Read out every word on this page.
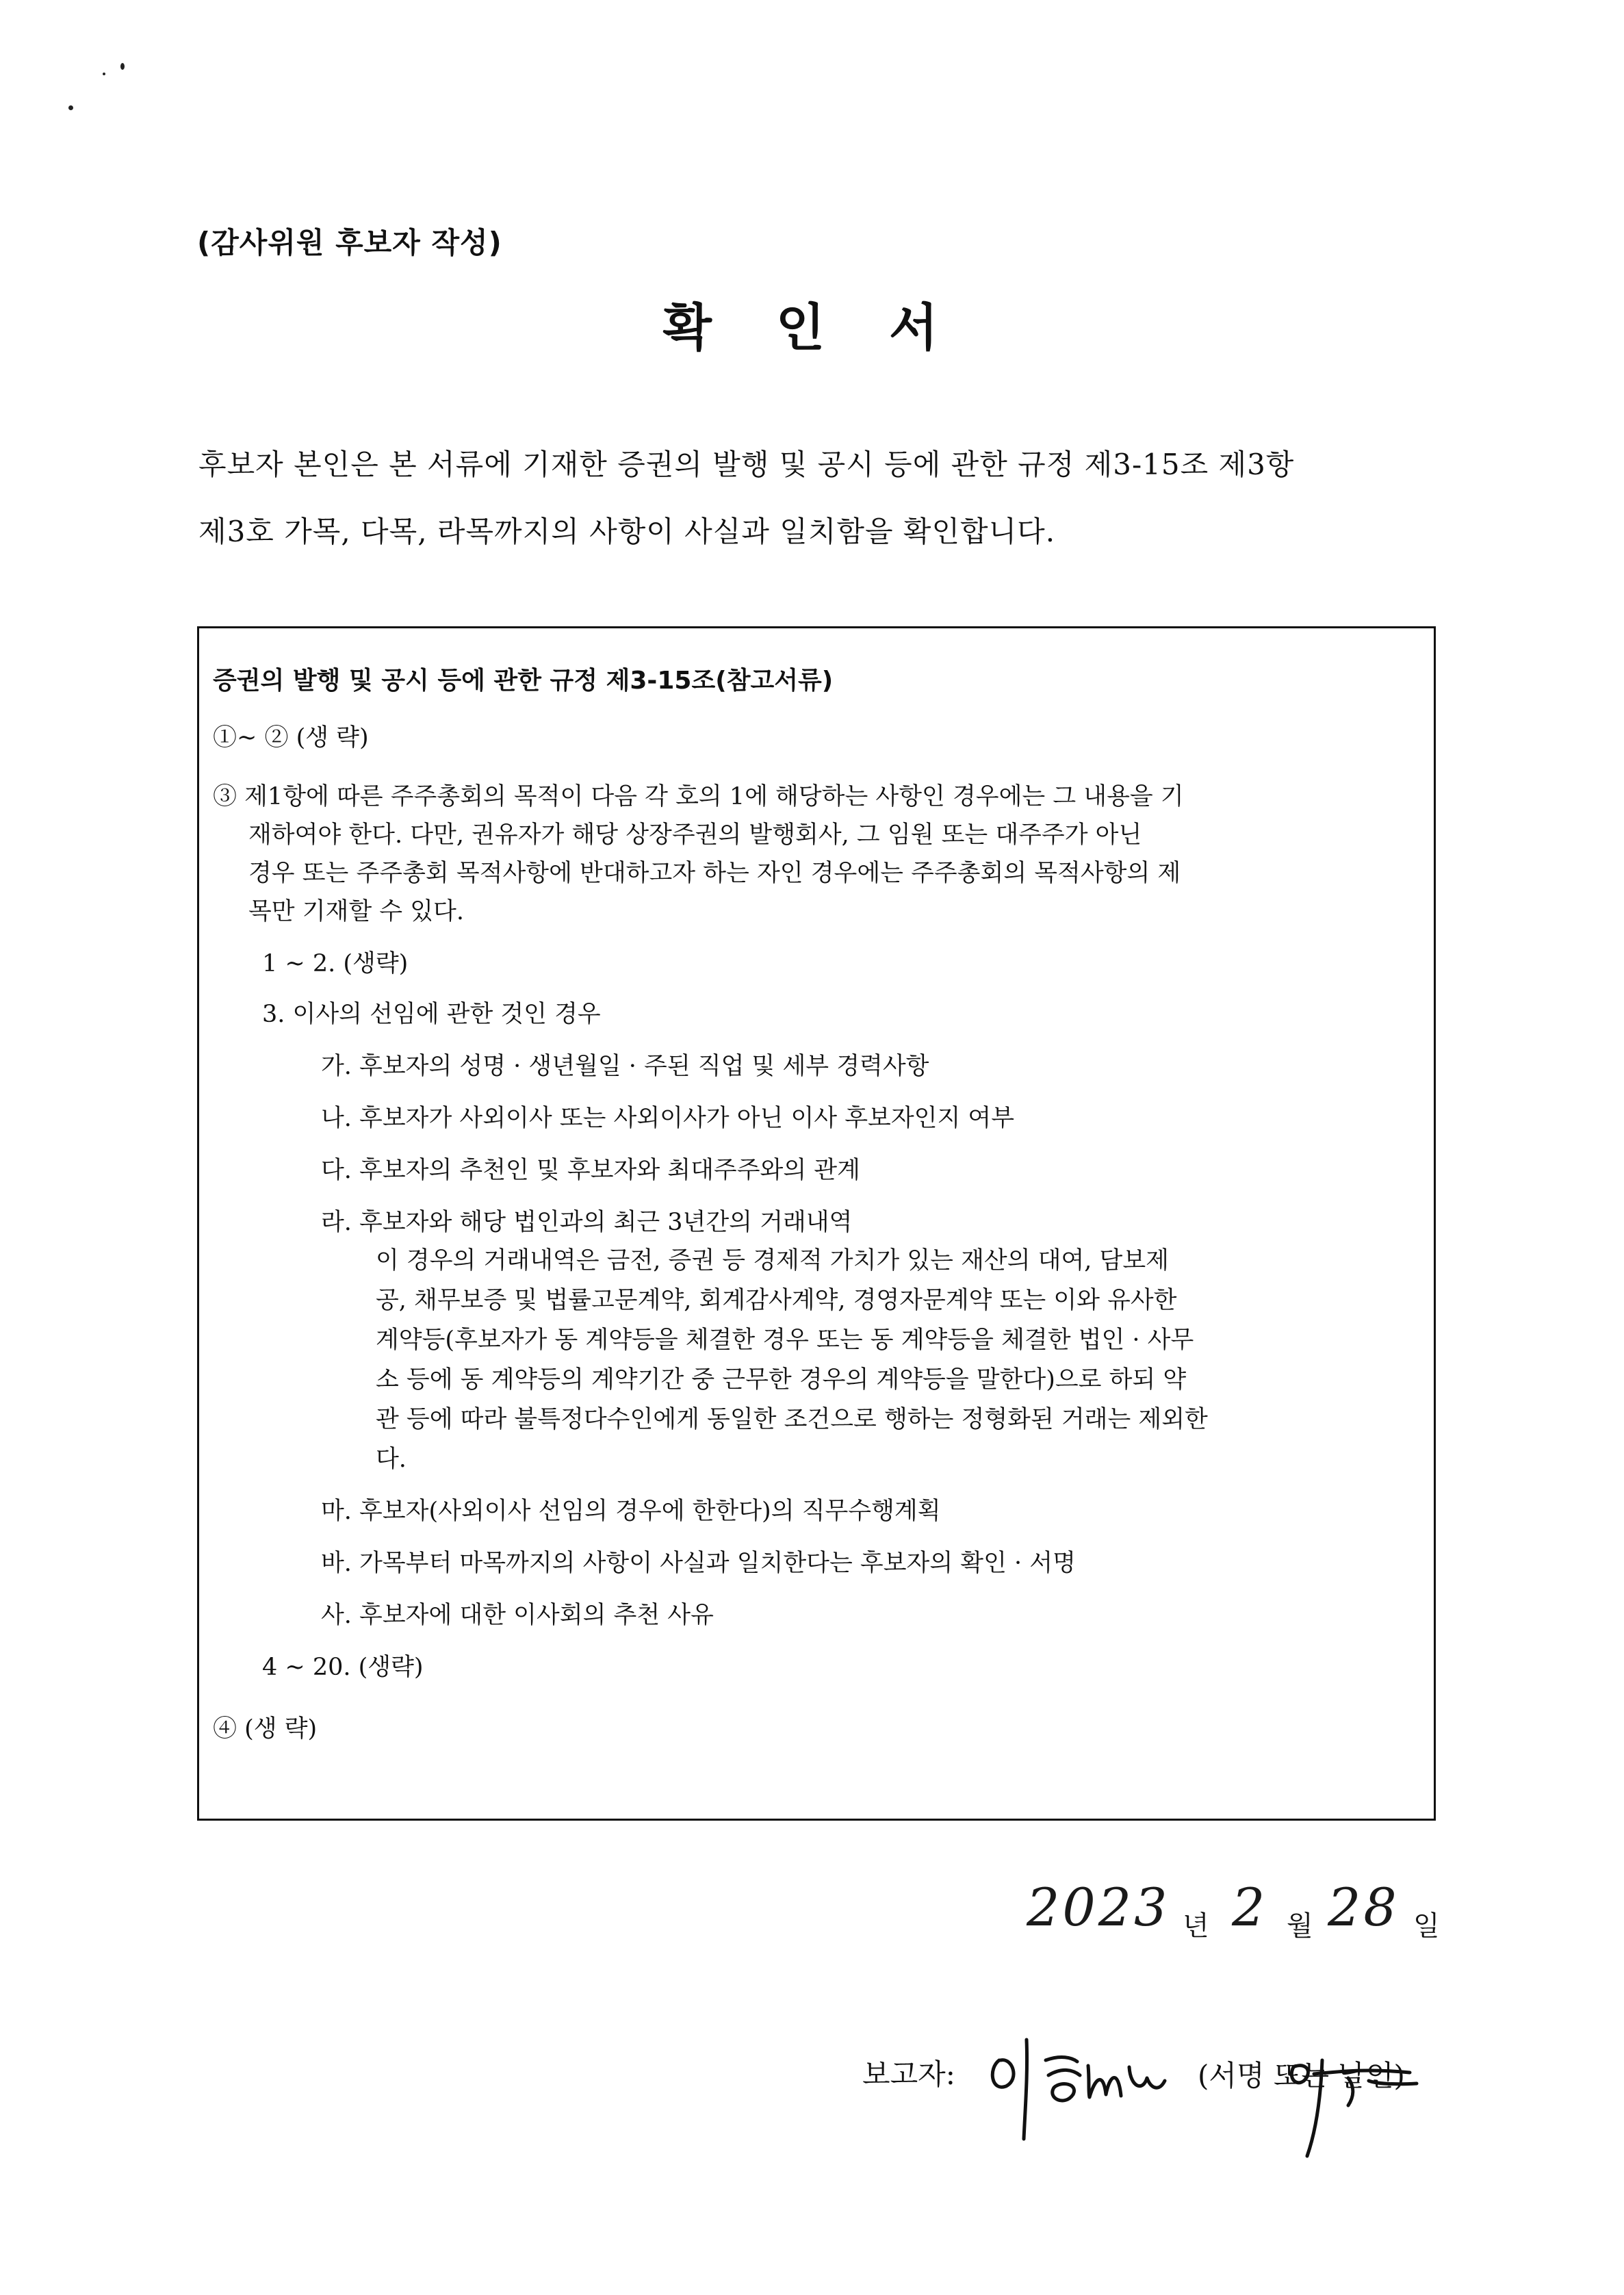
(감사위원 후보자 작성)
확 인 서
후보자 본인은 본 서류에 기재한 증권의 발행 및 공시 등에 관한 규정 제3-15조 제3항
제3호 가목, 다목, 라목까지의 사항이 사실과 일치함을 확인합니다.
증권의 발행 및 공시 등에 관한 규정 제3-15조(참고서류)
①~ ② (생 략)
③ 제1항에 따른 주주총회의 목적이 다음 각 호의 1에 해당하는 사항인 경우에는 그 내용을 기
재하여야 한다. 다만, 권유자가 해당 상장주권의 발행회사, 그 임원 또는 대주주가 아닌
경우 또는 주주총회 목적사항에 반대하고자 하는 자인 경우에는 주주총회의 목적사항의 제
목만 기재할 수 있다.
1 ~ 2. (생략)
3. 이사의 선임에 관한 것인 경우
가. 후보자의 성명 · 생년월일 · 주된 직업 및 세부 경력사항
나. 후보자가 사외이사 또는 사외이사가 아닌 이사 후보자인지 여부
다. 후보자의 추천인 및 후보자와 최대주주와의 관계
라. 후보자와 해당 법인과의 최근 3년간의 거래내역
이 경우의 거래내역은 금전, 증권 등 경제적 가치가 있는 재산의 대여, 담보제
공, 채무보증 및 법률고문계약, 회계감사계약, 경영자문계약 또는 이와 유사한
계약등(후보자가 동 계약등을 체결한 경우 또는 동 계약등을 체결한 법인 · 사무
소 등에 동 계약등의 계약기간 중 근무한 경우의 계약등을 말한다)으로 하되 약
관 등에 따라 불특정다수인에게 동일한 조건으로 행하는 정형화된 거래는 제외한
다.
마. 후보자(사외이사 선임의 경우에 한한다)의 직무수행계획
바. 가목부터 마목까지의 사항이 사실과 일치한다는 후보자의 확인 · 서명
사. 후보자에 대한 이사회의 추천 사유
4 ~ 20. (생략)
④ (생 략)
2023 년 2 월 28 일
보고자:	(서명 또는 날인)
